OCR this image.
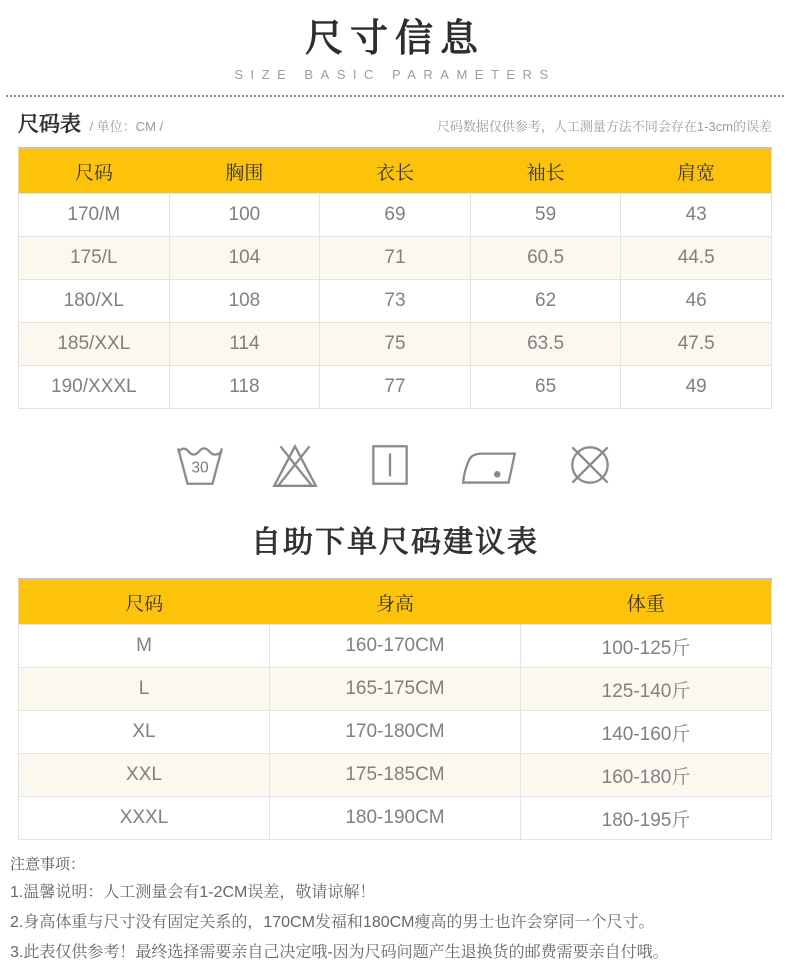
尺寸信息
SIZE BASIC PARAMETERS
尺码表 / 单位：CM /	尺码数据仅供参考，人工测量方法不同会存在1-3cm的误差
尺码	胸围	衣长	袖长	肩宽
170/M	100	69	59	43
175/L	104	71	60.5	44.5
180/XL	108	73	62	46
185/XXL	114	75	63.5	47.5
190/XXXL	118	77	65	49
30
自助下单尺码建议表
尺码	身高	体重
M	160-170CM	100-125斤
L	165-175CM	125-140斤
XL	170-180CM	140-160斤
XXL	175-185CM	160-180斤
XXXL	180-190CM	180-195斤
注意事项：
1.温馨说明：人工测量会有1-2CM误差，敬请谅解！
2.身高体重与尺寸没有固定关系的，170CM发福和180CM瘦高的男士也许会穿同一个尺寸。
3.此表仅供参考！最终选择需要亲自己决定哦-因为尺码问题产生退换货的邮费需要亲自付哦。
